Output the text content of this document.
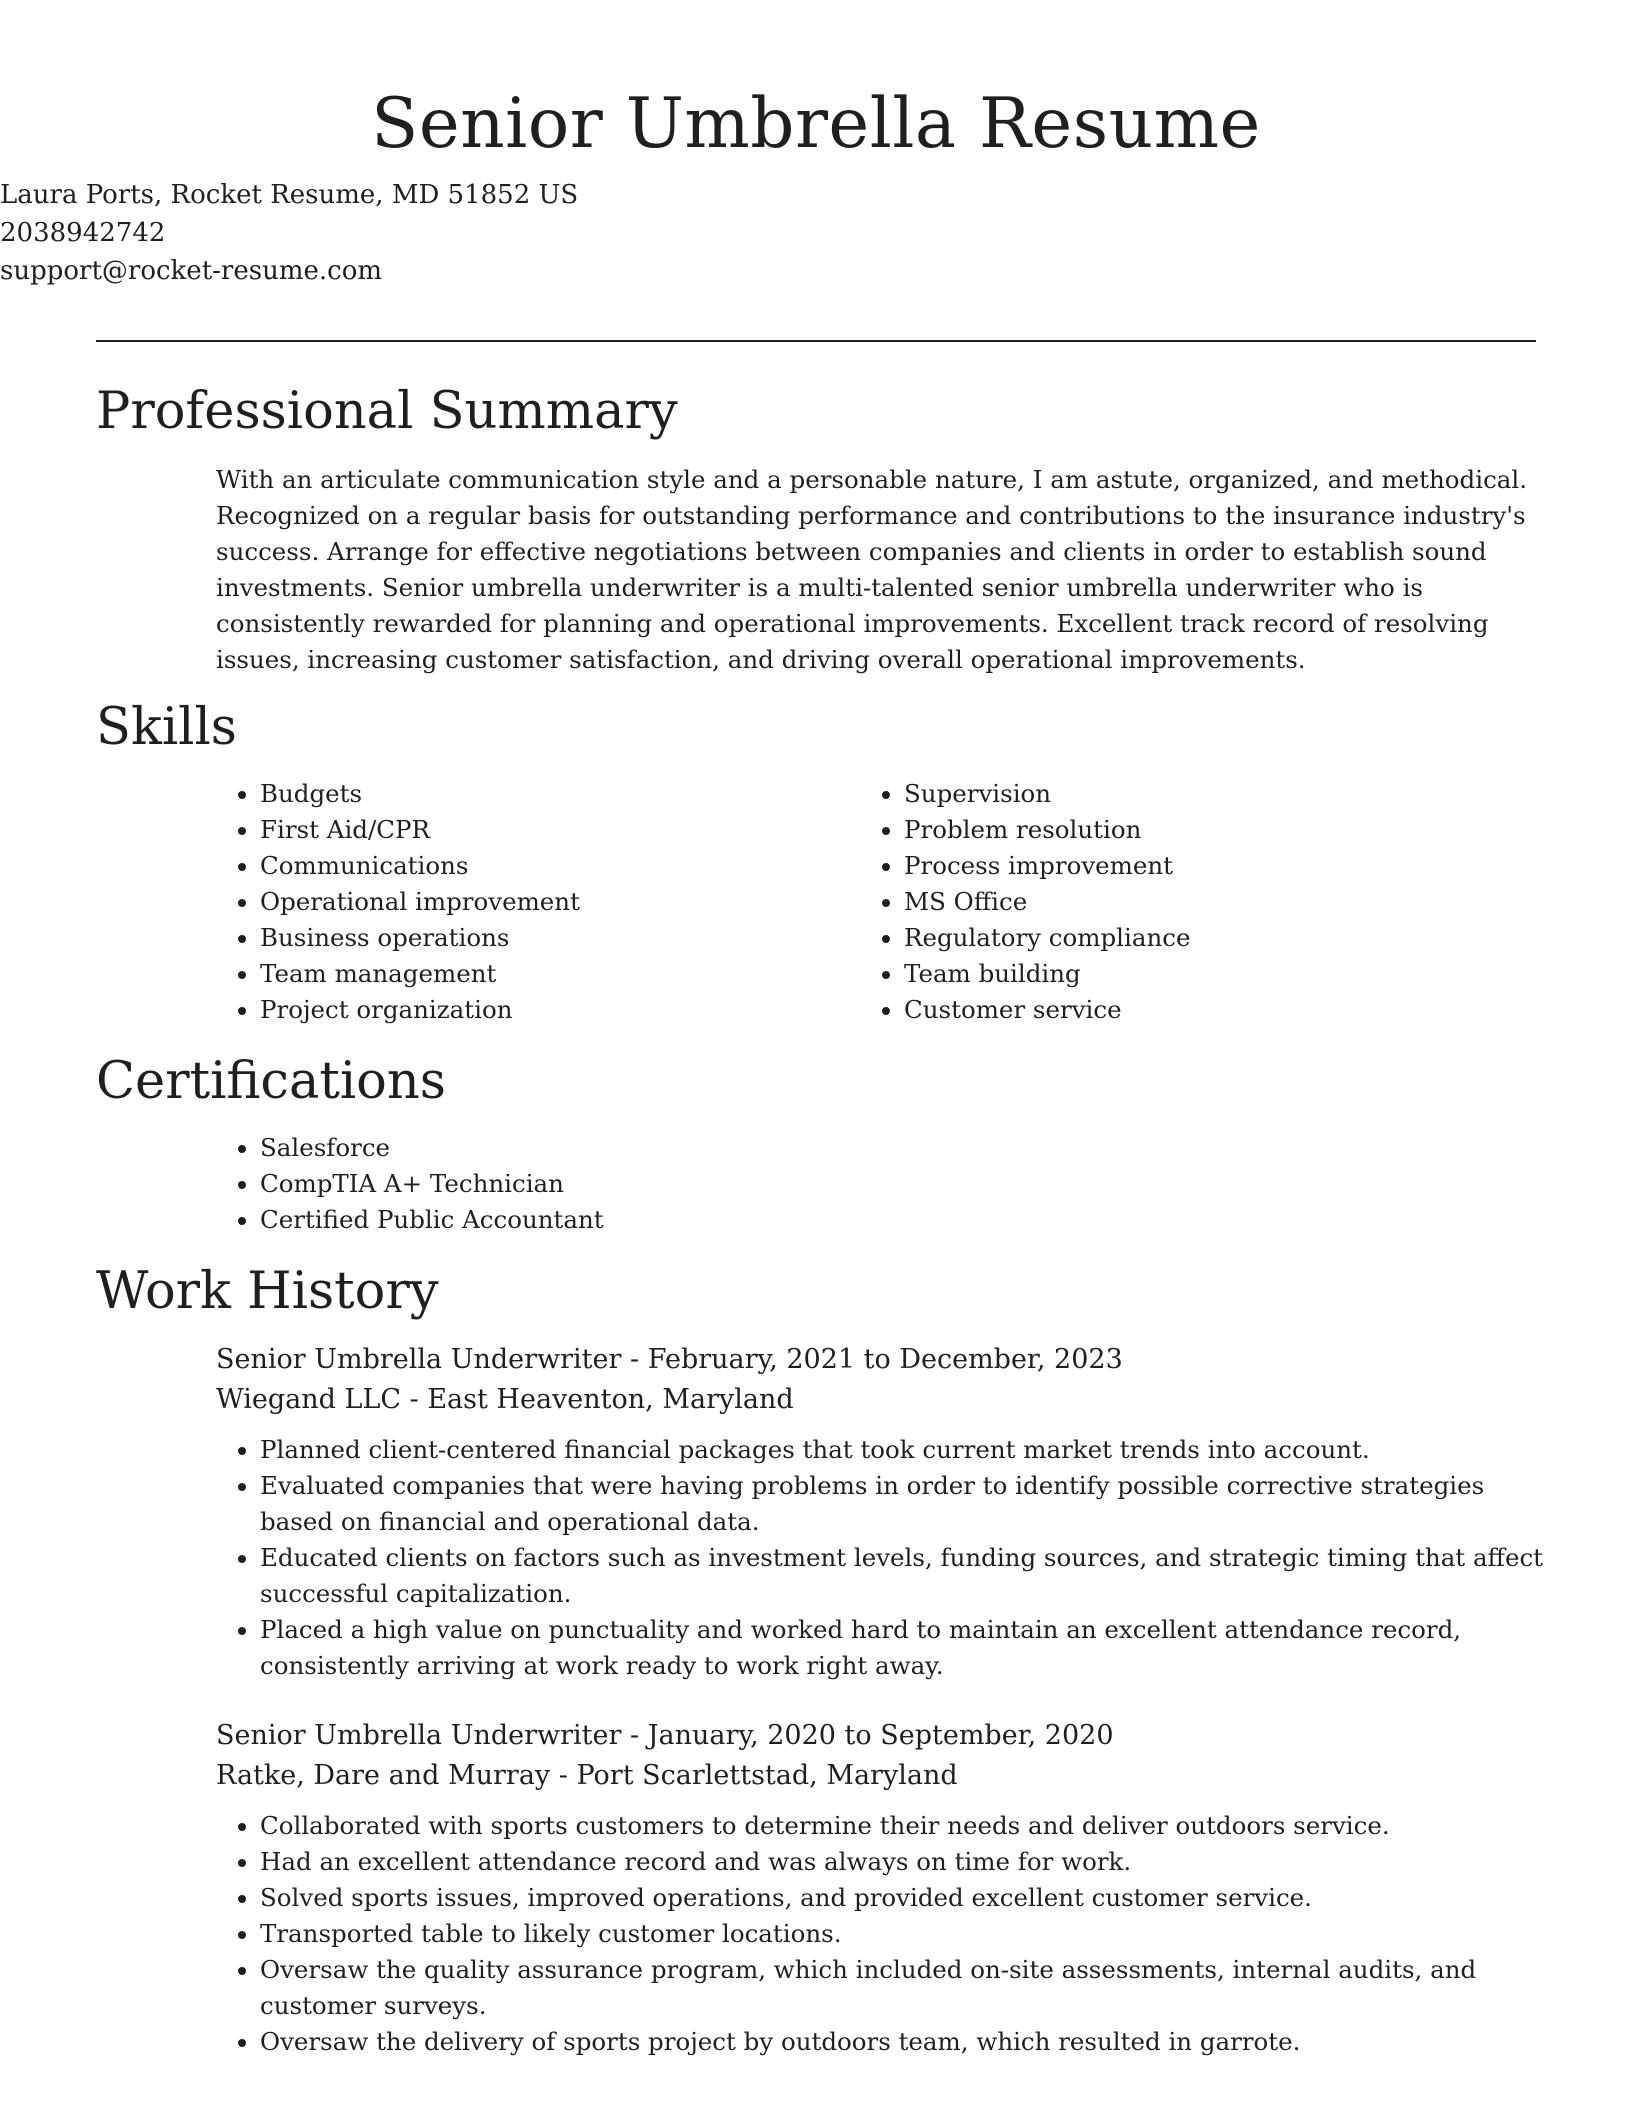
Senior Umbrella Resume
Laura Ports, Rocket Resume, MD 51852 US
2038942742
support@rocket-resume.com
Professional Summary

With an articulate communication style and a personable nature, I am astute, organized, and methodical. Recognized on a regular basis for outstanding performance and contributions to the insurance industry's success. Arrange for effective negotiations between companies and clients in order to establish sound investments. Senior umbrella underwriter is a multi-talented senior umbrella underwriter who is consistently rewarded for planning and operational improvements. Excellent track record of resolving issues, increasing customer satisfaction, and driving overall operational improvements.

Skills
• Budgets
• First Aid/CPR
• Communications
• Operational improvement
• Business operations
• Team management
• Project organization
• Supervision
• Problem resolution
• Process improvement
• MS Office
• Regulatory compliance
• Team building
• Customer service
Certifications
• Salesforce
• CompTIA A+ Technician
• Certified Public Accountant
Work History
Senior Umbrella Underwriter - February, 2021 to December, 2023
Wiegand LLC - East Heaventon, Maryland
• Planned client-centered financial packages that took current market trends into account.
• Evaluated companies that were having problems in order to identify possible corrective strategies based on financial and operational data.
• Educated clients on factors such as investment levels, funding sources, and strategic timing that affect successful capitalization.
• Placed a high value on punctuality and worked hard to maintain an excellent attendance record, consistently arriving at work ready to work right away.
Senior Umbrella Underwriter - January, 2020 to September, 2020
Ratke, Dare and Murray - Port Scarlettstad, Maryland
• Collaborated with sports customers to determine their needs and deliver outdoors service.
• Had an excellent attendance record and was always on time for work.
• Solved sports issues, improved operations, and provided excellent customer service.
• Transported table to likely customer locations.
• Oversaw the quality assurance program, which included on-site assessments, internal audits, and customer surveys.
• Oversaw the delivery of sports project by outdoors team, which resulted in garrote.
